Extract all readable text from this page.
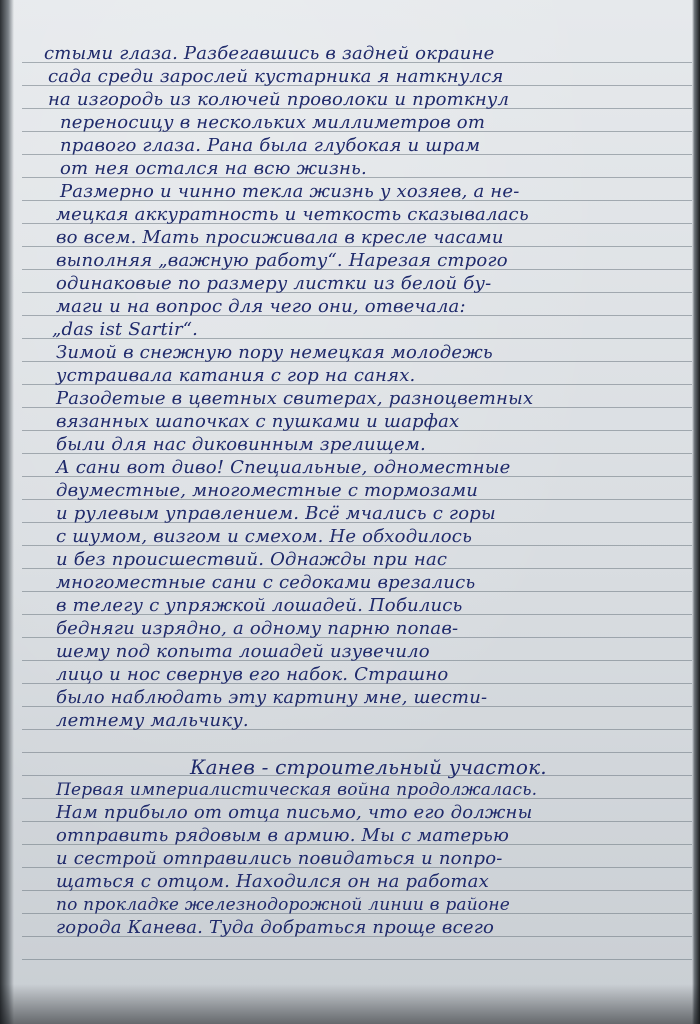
стыми глаза. Разбегавшись в задней окраине
сада среди зарослей кустарника я наткнулся
на изгородь из колючей проволоки и проткнул
переносицу в нескольких миллиметров от
правого глаза. Рана была глубокая и шрам
от нея остался на всю жизнь.
Размерно и чинно текла жизнь у хозяев, а не-
мецкая аккуратность и четкость сказывалась
во всем. Мать просиживала в кресле часами
выполняя „важную работу“. Нарезая строго
одинаковые по размеру листки из белой бу-
маги и на вопрос для чего они, отвечала:
„das ist Sartir“.
Зимой в снежную пору немецкая молодежь
устраивала катания с гор на санях.
Разодетые в цветных свитерах, разноцветных
вязанных шапочках с пушками и шарфах
были для нас диковинным зрелищем.
А сани вот диво! Специальные, одноместные
двуместные, многоместные с тормозами
и рулевым управлением. Всё мчались с горы
с шумом, визгом и смехом. Не обходилось
и без происшествий. Однажды при нас
многоместные сани с седоками врезались
в телегу с упряжкой лошадей. Побились
бедняги изрядно, а одному парню попав-
шему под копыта лошадей изувечило
лицо и нос свернув его набок. Страшно
было наблюдать эту картину мне, шести-
летнему мальчику.
Канев - строительный участок.
Первая империалистическая война продолжалась.
Нам прибыло от отца письмо, что его должны
отправить рядовым в армию. Мы с матерью
и сестрой отправились повидаться и попро-
щаться с отцом. Находился он на работах
по прокладке железнодорожной линии в районе
города Канева. Туда добраться проще всего
